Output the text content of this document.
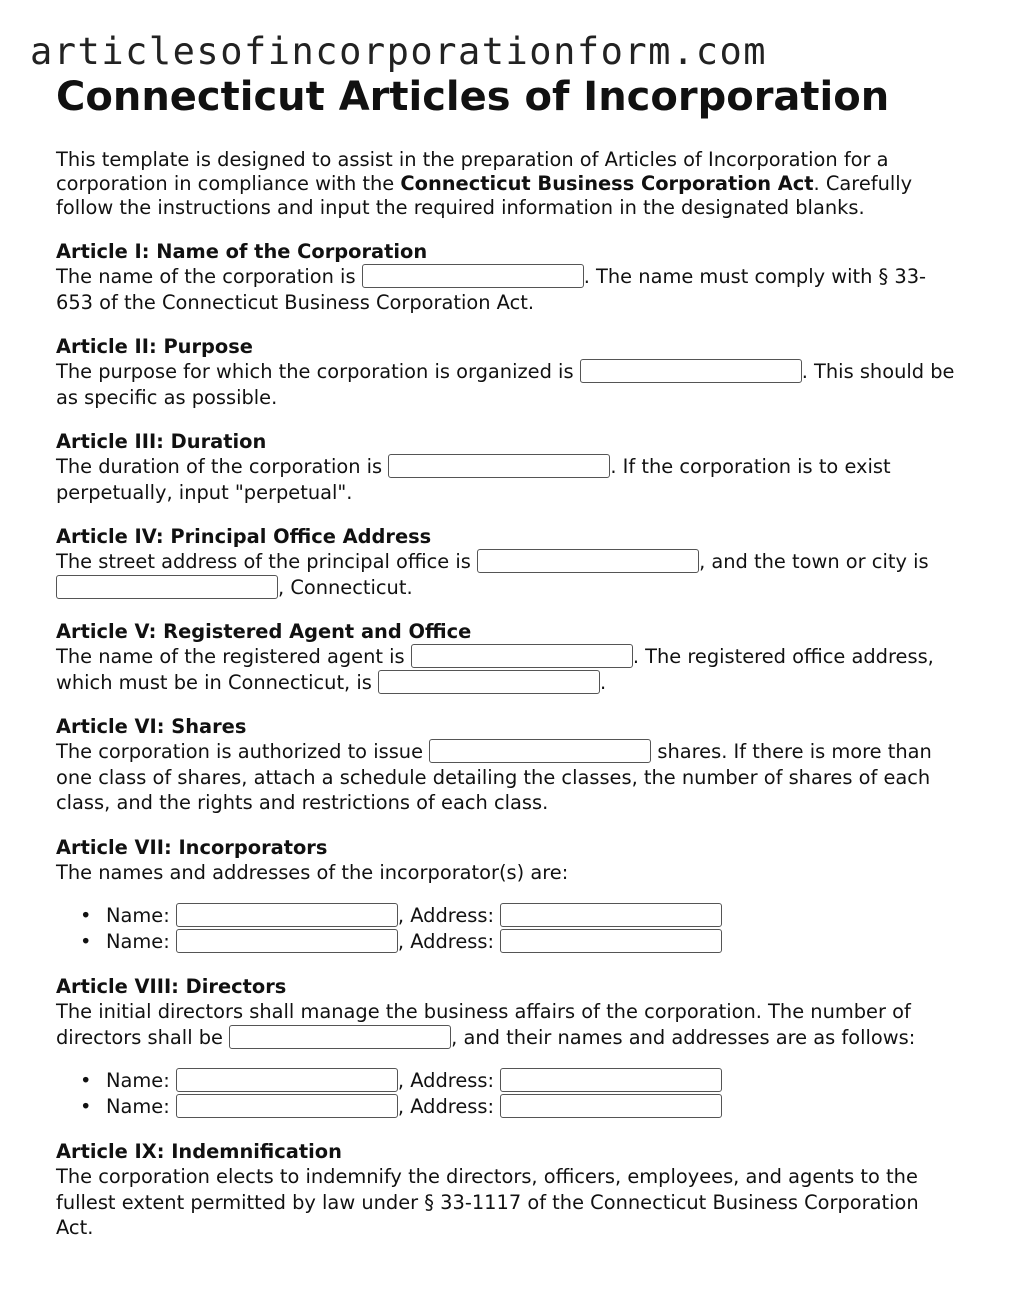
articlesofincorporationform.com
Connecticut Articles of Incorporation

This template is designed to assist in the preparation of Articles of Incorporation for a corporation in compliance with the Connecticut Business Corporation Act. Carefully follow the instructions and input the required information in the designated blanks.

Article I: Name of the Corporation
The name of the corporation is	. The name must comply with § 33-653 of the Connecticut Business Corporation Act.
Article II: Purpose
The purpose for which the corporation is organized is	. This should be as specific as possible.
Article III: Duration
The duration of the corporation is	. If the corporation is to exist perpetually, input "perpetual".
Article IV: Principal Office Address
The street address of the principal office is	, and the town or city is , Connecticut.
Article V: Registered Agent and Office
The name of the registered agent is	. The registered office address, which must be in Connecticut, is	.
Article VI: Shares
The corporation is authorized to issue	shares. If there is more than one class of shares, attach a schedule detailing the classes, the number of shares of each class, and the rights and restrictions of each class.
Article VII: Incorporators
The names and addresses of the incorporator(s) are:
• Name:	, Address:
• Name:	, Address:
Article VIII: Directors
The initial directors shall manage the business affairs of the corporation. The number of directors shall be	, and their names and addresses are as follows:
• Name:	, Address:
• Name:	, Address:
Article IX: Indemnification
The corporation elects to indemnify the directors, officers, employees, and agents to the fullest extent permitted by law under § 33-1117 of the Connecticut Business Corporation Act.
